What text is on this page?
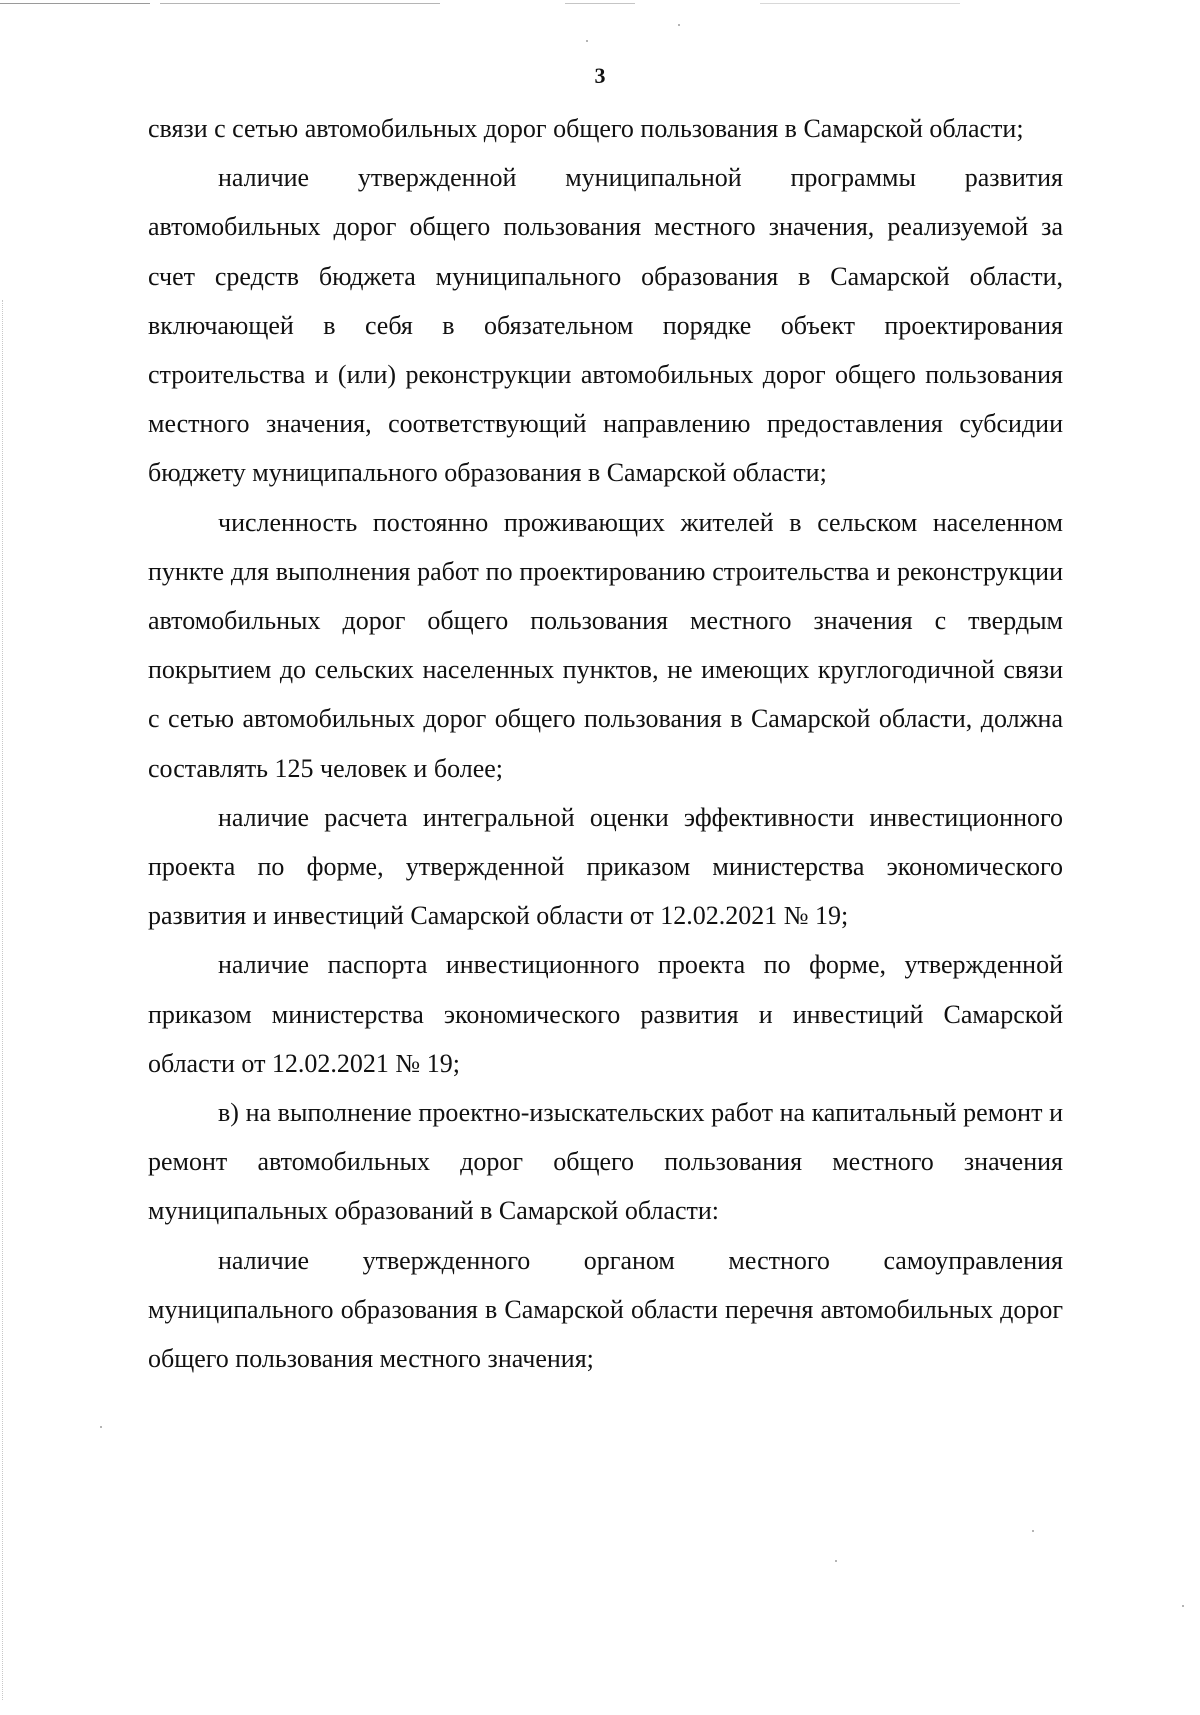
3

связи с сетью автомобильных дорог общего пользования в Самарской области;

наличие утвержденной муниципальной программы развития автомобильных дорог общего пользования местного значения, реализуемой за счет средств бюджета муниципального образования в Самарской области, включающей в себя в обязательном порядке объект проектирования строительства и (или) реконструкции автомобильных дорог общего пользования местного значения, соответствующий направлению предоставления субсидии бюджету муниципального образования в Самарской области;

численность постоянно проживающих жителей в сельском населенном пункте для выполнения работ по проектированию строительства и реконструкции автомобильных дорог общего пользования местного значения с твердым покрытием до сельских населенных пунктов, не имеющих круглогодичной связи с сетью автомобильных дорог общего пользования в Самарской области, должна составлять 125 человек и более;

наличие расчета интегральной оценки эффективности инвестиционного проекта по форме, утвержденной приказом министерства экономического развития и инвестиций Самарской области от 12.02.2021 № 19;

наличие паспорта инвестиционного проекта по форме, утвержденной приказом министерства экономического развития и инвестиций Самарской области от 12.02.2021 № 19;

в) на выполнение проектно-изыскательских работ на капитальный ремонт и ремонт автомобильных дорог общего пользования местного значения муниципальных образований в Самарской области:

наличие утвержденного органом местного самоуправления муниципального образования в Самарской области перечня автомобильных дорог общего пользования местного значения;
